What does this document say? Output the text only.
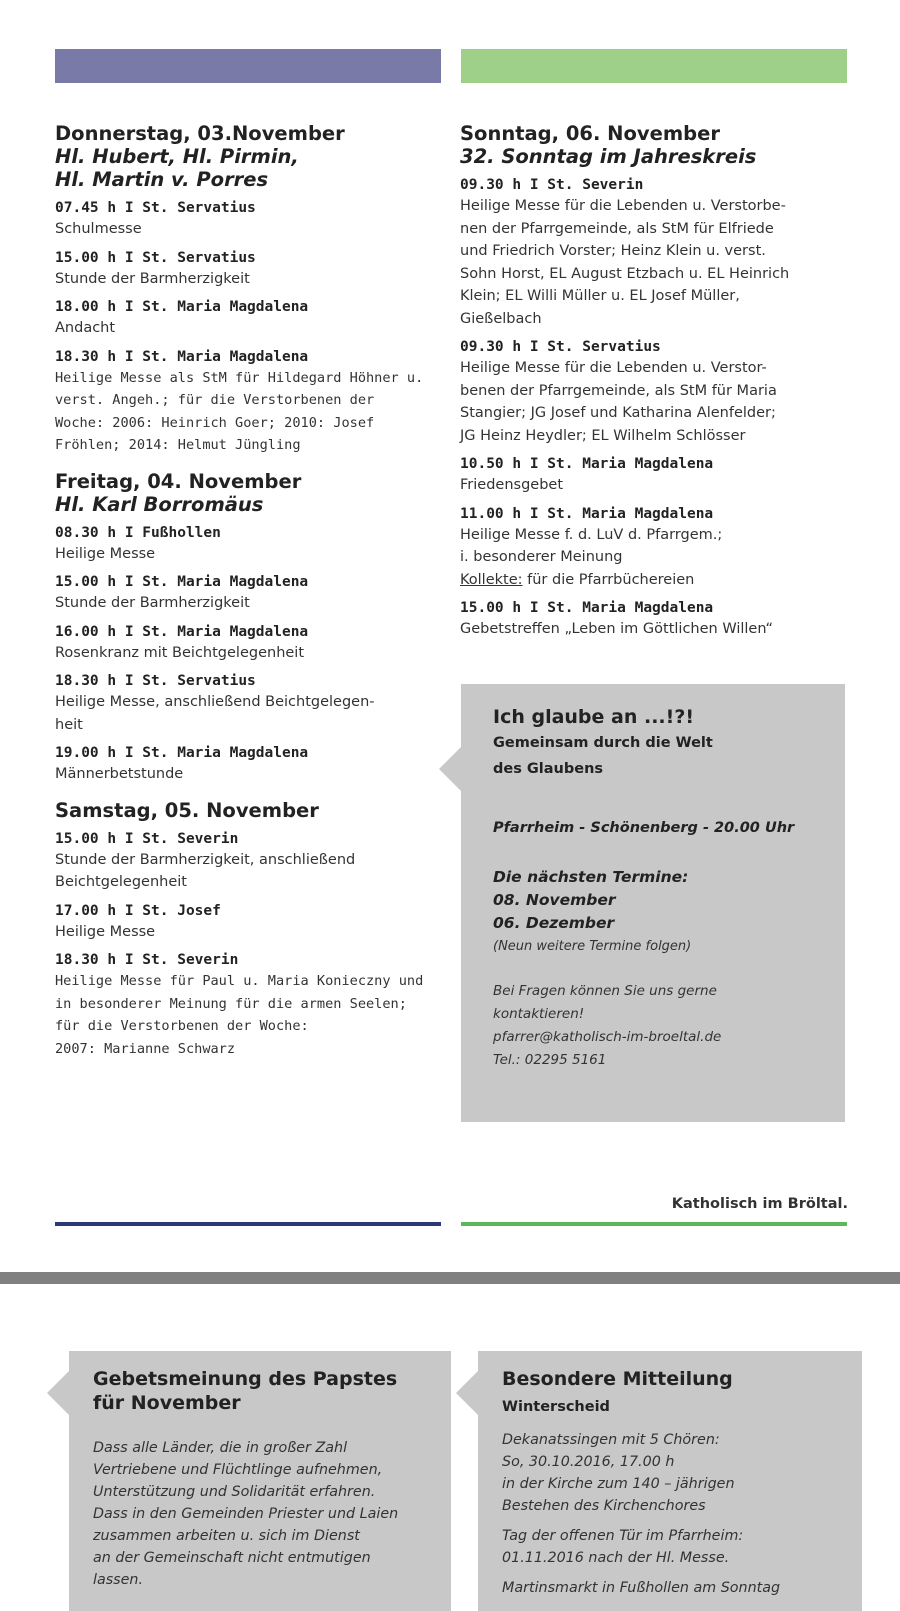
Donnerstag, 03.November
Hl. Hubert, Hl. Pirmin,
Hl. Martin v. Porres
07.45 h I St. Servatius
Schulmesse
15.00 h I St. Servatius
Stunde der Barmherzigkeit
18.00 h I St. Maria Magdalena
Andacht
18.30 h I St. Maria Magdalena
Heilige Messe als StM für Hildegard Höhner u.
verst. Angeh.; für die Verstorbenen der
Woche: 2006: Heinrich Goer; 2010: Josef
Fröhlen; 2014: Helmut Jüngling
Freitag, 04. November
Hl. Karl Borromäus
08.30 h I Fußhollen
Heilige Messe
15.00 h I St. Maria Magdalena
Stunde der Barmherzigkeit
16.00 h I St. Maria Magdalena
Rosenkranz mit Beichtgelegenheit
18.30 h I St. Servatius
Heilige Messe, anschließend Beichtgelegen-
heit
19.00 h I St. Maria Magdalena
Männerbetstunde
Samstag, 05. November
15.00 h I St. Severin
Stunde der Barmherzigkeit, anschließend
Beichtgelegenheit
17.00 h I St. Josef
Heilige Messe
18.30 h I St. Severin
Heilige Messe für Paul u. Maria Konieczny und
in besonderer Meinung für die armen Seelen;
für die Verstorbenen der Woche:
2007: Marianne Schwarz
Sonntag, 06. November
32. Sonntag im Jahreskreis
09.30 h I St. Severin
Heilige Messe für die Lebenden u. Verstorbe-
nen der Pfarrgemeinde, als StM für Elfriede
und Friedrich Vorster; Heinz Klein u. verst.
Sohn Horst, EL August Etzbach u. EL Heinrich
Klein; EL Willi Müller u. EL Josef Müller,
Gießelbach
09.30 h I St. Servatius
Heilige Messe für die Lebenden u. Verstor-
benen der Pfarrgemeinde, als StM für Maria
Stangier; JG Josef und Katharina Alenfelder;
JG Heinz Heydler; EL Wilhelm Schlösser
10.50 h I St. Maria Magdalena
Friedensgebet
11.00 h I St. Maria Magdalena
Heilige Messe f. d. LuV d. Pfarrgem.;
i. besonderer Meinung
Kollekte: für die Pfarrbüchereien
15.00 h I St. Maria Magdalena
Gebetstreffen „Leben im Göttlichen Willen“
Ich glaube an ...!?!
Gemeinsam durch die Welt
des Glaubens
Pfarrheim - Schönenberg - 20.00 Uhr
Die nächsten Termine:
08. November
06. Dezember
(Neun weitere Termine folgen)
Bei Fragen können Sie uns gerne
kontaktieren!
pfarrer@katholisch-im-broeltal.de
Tel.: 02295 5161
Katholisch im Bröltal.
Gebetsmeinung des Papstes
für November
Dass alle Länder, die in großer Zahl
Vertriebene und Flüchtlinge aufnehmen,
Unterstützung und Solidarität erfahren.
Dass in den Gemeinden Priester und Laien
zusammen arbeiten u. sich im Dienst
an der Gemeinschaft nicht entmutigen
lassen.
Besondere Mitteilung
Winterscheid
Dekanatssingen mit 5 Chören:
So, 30.10.2016, 17.00 h
in der Kirche zum 140 – jährigen
Bestehen des Kirchenchores
Tag der offenen Tür im Pfarrheim:
01.11.2016 nach der Hl. Messe.
Martinsmarkt in Fußhollen am Sonntag
